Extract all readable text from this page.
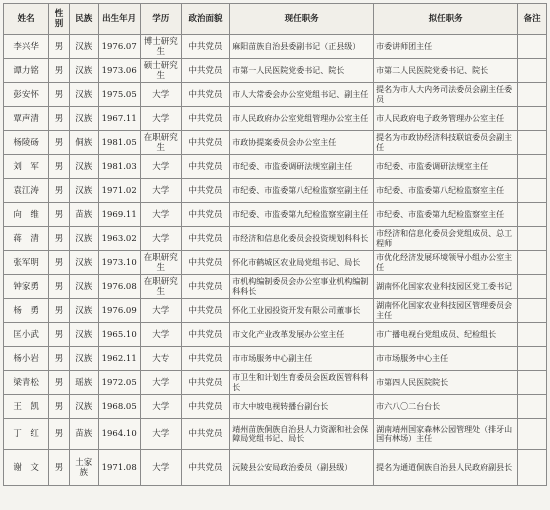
姓名	性别	民族	出生年月	学历	政治面貌	现任职务	拟任职务	备注
李兴华	男	汉族	1976.07	博士研究生	中共党员	麻阳苗族自治县委副书记（正县级）	市委讲师团主任	
谭力铭	男	汉族	1973.06	硕士研究生	中共党员	市第一人民医院党委书记、院长	市第二人民医院党委书记、院长	
彭安怀	男	汉族	1975.05	大学	中共党员	市人大常委会办公室党组书记、副主任	提名为市人大内务司法委员会副主任委员	
覃声清	男	汉族	1967.11	大学	中共党员	市人民政府办公室党组管理办公室主任	市人民政府电子政务管理办公室主任	
杨陵砀	男	侗族	1981.05	在职研究生	中共党员	市政协提案委员会办公室主任	提名为市政协经济科技联谊委员会副主任	
刘　军	男	汉族	1981.03	大学	中共党员	市纪委、市监委调研法规室副主任	市纪委、市监委调研法规室主任	
袁江涛	男	汉族	1971.02	大学	中共党员	市纪委、市监委第八纪检监察室副主任	市纪委、市监委第八纪检监察室主任	
向　维	男	苗族	1969.11	大学	中共党员	市纪委、市监委第九纪检监察室副主任	市纪委、市监委第九纪检监察室主任	
蒋　清	男	汉族	1963.02	大学	中共党员	市经济和信息化委员会投资规划科科长	市经济和信息化委员会党组成员、总工程师	
张军明	男	汉族	1973.10	在职研究生	中共党员	怀化市鹤城区农业局党组书记、局长	市优化经济发展环境领导小组办公室主任	
钟家勇	男	汉族	1976.08	在职研究生	中共党员	市机构编制委员会办公室事业机构编制科科长	湖南怀化国家农业科技园区党工委书记	
杨　勇	男	汉族	1976.09	大学	中共党员	怀化工业园投资开发有限公司董事长	湖南怀化国家农业科技园区管理委员会主任	
匡小武	男	汉族	1965.10	大学	中共党员	市文化产业改革发展办公室主任	市广播电视台党组成员、纪检组长	
杨小岩	男	汉族	1962.11	大专	中共党员	市市场服务中心副主任	市市场服务中心主任	
梁青松	男	瑶族	1972.05	大学	中共党员	市卫生和计划生育委员会医政医管科科长	市第四人民医院院长	
王　凯	男	汉族	1968.05	大学	中共党员	市大中坡电视转播台副台长	市六八〇二台台长	
丁　红	男	苗族	1964.10	大学	中共党员	靖州苗族侗族自治县人力资源和社会保障局党组书记、局长	湖南靖州国家森林公园管理处（排牙山国有林场）主任	
谢　文	男	土家族	1971.08	大学	中共党员	沅陵县公安局政治委员（副县级）	提名为通道侗族自治县人民政府副县长	
